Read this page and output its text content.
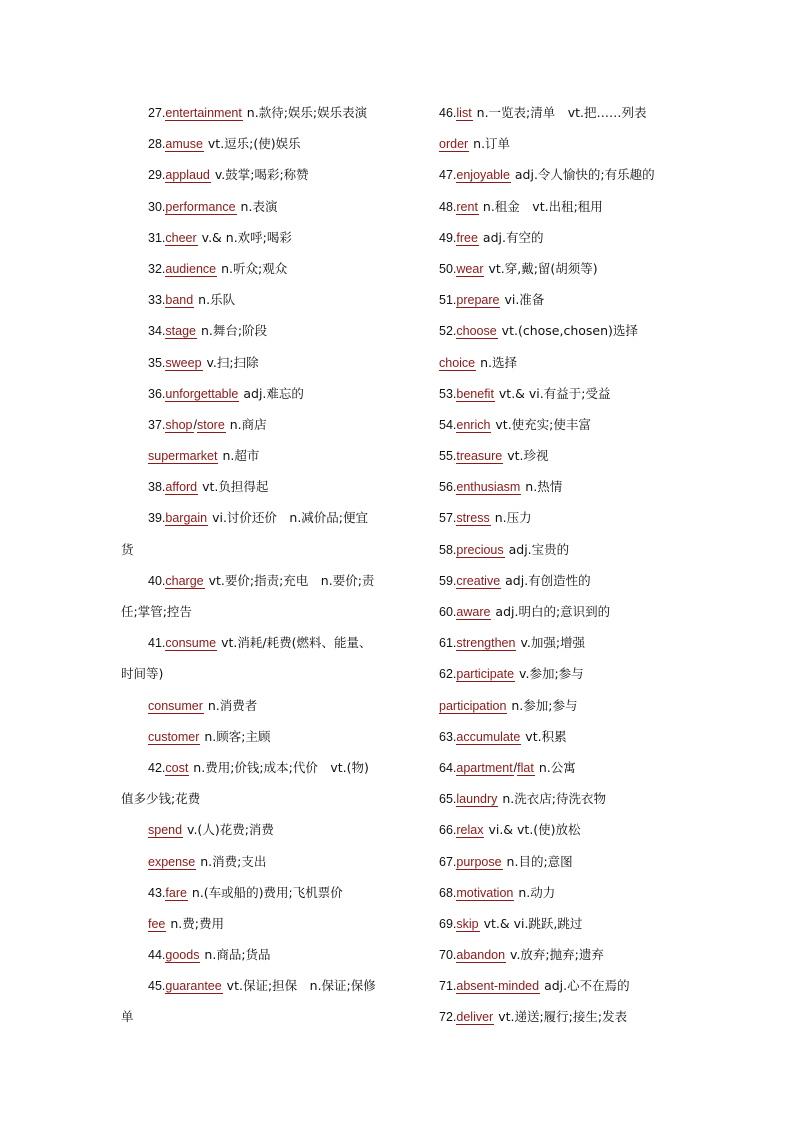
27.entertainment n.款待;娱乐;娱乐表演
28.amuse vt.逗乐;(使)娱乐
29.applaud v.鼓掌;喝彩;称赞
30.performance n.表演
31.cheer v.& n.欢呼;喝彩
32.audience n.听众;观众
33.band n.乐队
34.stage n.舞台;阶段
35.sweep v.扫;扫除
36.unforgettable adj.难忘的
37.shop/store n.商店
supermarket n.超市
38.afford vt.负担得起
39.bargain vi.讨价还价　n.减价品;便宜
货
40.charge vt.要价;指责;充电　n.要价;责
任;掌管;控告
41.consume vt.消耗/耗费(燃料、能量、
时间等)
consumer n.消费者
customer n.顾客;主顾
42.cost n.费用;价钱;成本;代价　vt.(物)
值多少钱;花费
spend v.(人)花费;消费
expense n.消费;支出
43.fare n.(车或船的)费用;飞机票价
fee n.费;费用
44.goods n.商品;货品
45.guarantee vt.保证;担保　n.保证;保修
单
46.list n.一览表;清单　vt.把……列表
order n.订单
47.enjoyable adj.令人愉快的;有乐趣的
48.rent n.租金　vt.出租;租用
49.free adj.有空的
50.wear vt.穿,戴;留(胡须等)
51.prepare vi.准备
52.choose vt.(chose,chosen)选择
choice n.选择
53.benefit vt.& vi.有益于;受益
54.enrich vt.使充实;使丰富
55.treasure vt.珍视
56.enthusiasm n.热情
57.stress n.压力
58.precious adj.宝贵的
59.creative adj.有创造性的
60.aware adj.明白的;意识到的
61.strengthen v.加强;增强
62.participate v.参加;参与
participation n.参加;参与
63.accumulate vt.积累
64.apartment/flat n.公寓
65.laundry n.洗衣店;待洗衣物
66.relax vi.& vt.(使)放松
67.purpose n.目的;意图
68.motivation n.动力
69.skip vt.& vi.跳跃,跳过
70.abandon v.放弃;抛弃;遗弃
71.absent-minded adj.心不在焉的
72.deliver vt.递送;履行;接生;发表
